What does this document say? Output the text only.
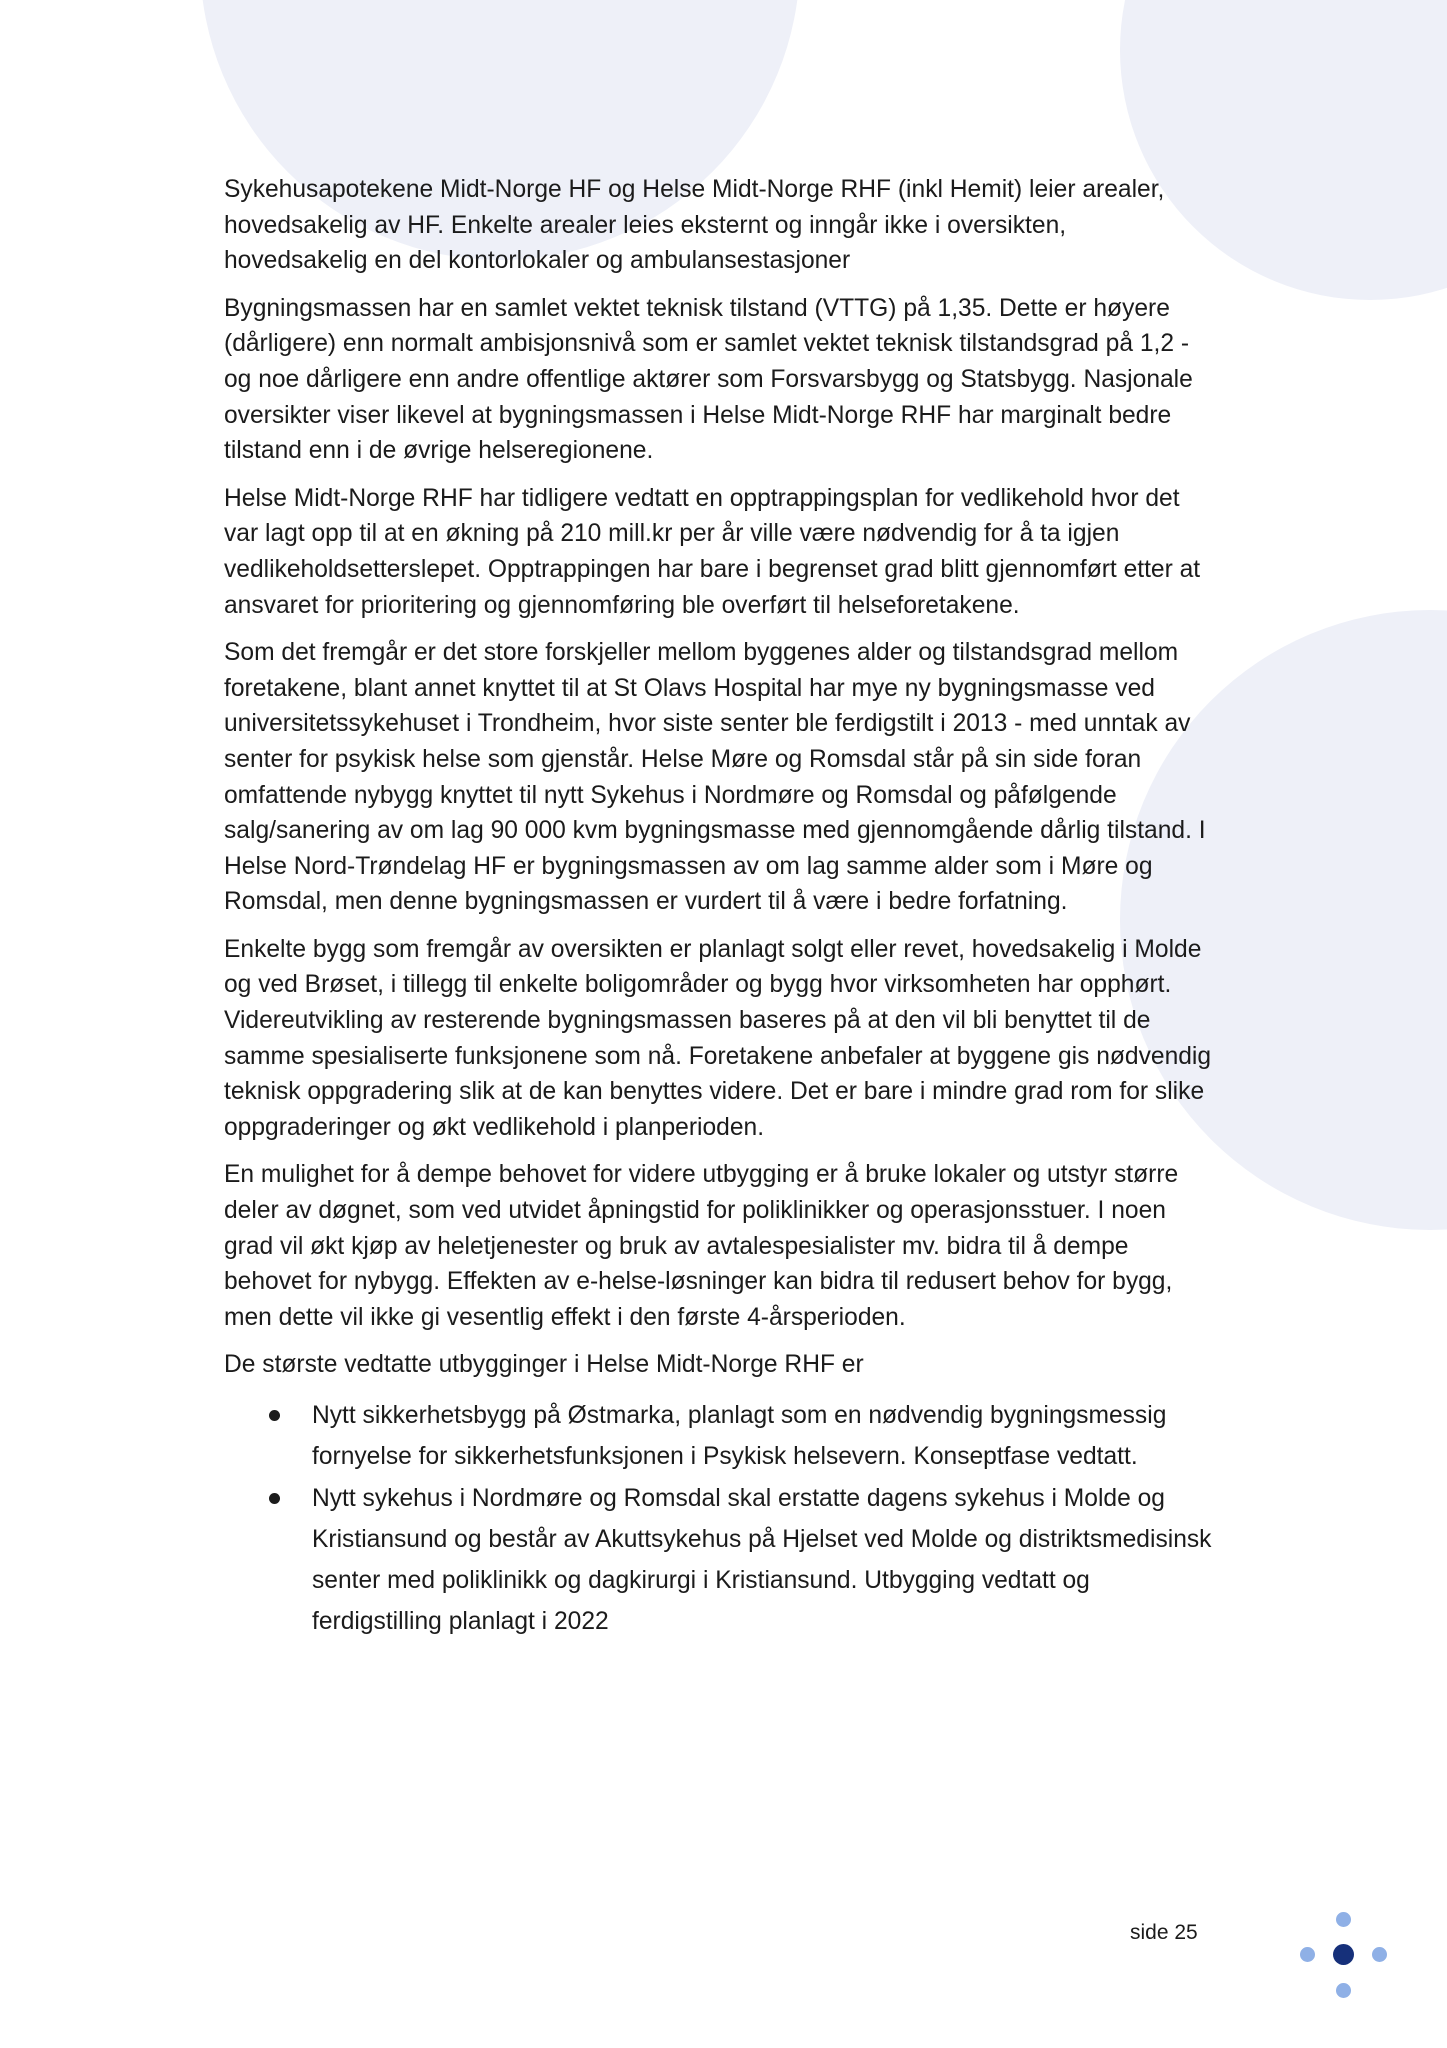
Sykehusapotekene Midt-Norge HF og Helse Midt-Norge RHF (inkl Hemit) leier arealer, hovedsakelig av HF. Enkelte arealer leies eksternt og inngår ikke i oversikten, hovedsakelig en del kontorlokaler og ambulansestasjoner

Bygningsmassen har en samlet vektet teknisk tilstand (VTTG) på 1,35. Dette er høyere (dårligere) enn normalt ambisjonsnivå som er samlet vektet teknisk tilstandsgrad på 1,2 - og noe dårligere enn andre offentlige aktører som Forsvarsbygg og Statsbygg. Nasjonale oversikter viser likevel at bygningsmassen i Helse Midt-Norge RHF har marginalt bedre tilstand enn i de øvrige helseregionene.

Helse Midt-Norge RHF har tidligere vedtatt en opptrappingsplan for vedlikehold hvor det var lagt opp til at en økning på 210 mill.kr per år ville være nødvendig for å ta igjen vedlikeholdsetterslepet. Opptrappingen har bare i begrenset grad blitt gjennomført etter at ansvaret for prioritering og gjennomføring ble overført til helseforetakene.

Som det fremgår er det store forskjeller mellom byggenes alder og tilstandsgrad mellom foretakene, blant annet knyttet til at St Olavs Hospital har mye ny bygningsmasse ved universitetssykehuset i Trondheim, hvor siste senter ble ferdigstilt i 2013 - med unntak av senter for psykisk helse som gjenstår. Helse Møre og Romsdal står på sin side foran omfattende nybygg knyttet til nytt Sykehus i Nordmøre og Romsdal og påfølgende salg/sanering av om lag 90 000 kvm bygningsmasse med gjennomgående dårlig tilstand. I Helse Nord-Trøndelag HF er bygningsmassen av om lag samme alder som i Møre og Romsdal, men denne bygningsmassen er vurdert til å være i bedre forfatning.

Enkelte bygg som fremgår av oversikten er planlagt solgt eller revet, hovedsakelig i Molde og ved Brøset, i tillegg til enkelte boligområder og bygg hvor virksomheten har opphørt. Videreutvikling av resterende bygningsmassen baseres på at den vil bli benyttet til de samme spesialiserte funksjonene som nå. Foretakene anbefaler at byggene gis nødvendig teknisk oppgradering slik at de kan benyttes videre. Det er bare i mindre grad rom for slike oppgraderinger og økt vedlikehold i planperioden.

En mulighet for å dempe behovet for videre utbygging er å bruke lokaler og utstyr større deler av døgnet, som ved utvidet åpningstid for poliklinikker og operasjonsstuer. I noen grad vil økt kjøp av heletjenester og bruk av avtalespesialister mv. bidra til å dempe behovet for nybygg. Effekten av e-helse-løsninger kan bidra til redusert behov for bygg, men dette vil ikke gi vesentlig effekt i den første 4-årsperioden.

De største vedtatte utbygginger i Helse Midt-Norge RHF er

Nytt sikkerhetsbygg på Østmarka, planlagt som en nødvendig bygningsmessig fornyelse for sikkerhetsfunksjonen i Psykisk helsevern. Konseptfase vedtatt.
Nytt sykehus i Nordmøre og Romsdal skal erstatte dagens sykehus i Molde og Kristiansund og består av Akuttsykehus på Hjelset ved Molde og distriktsmedisinsk senter med poliklinikk og dagkirurgi i Kristiansund. Utbygging vedtatt og ferdigstilling planlagt i 2022
side 25
